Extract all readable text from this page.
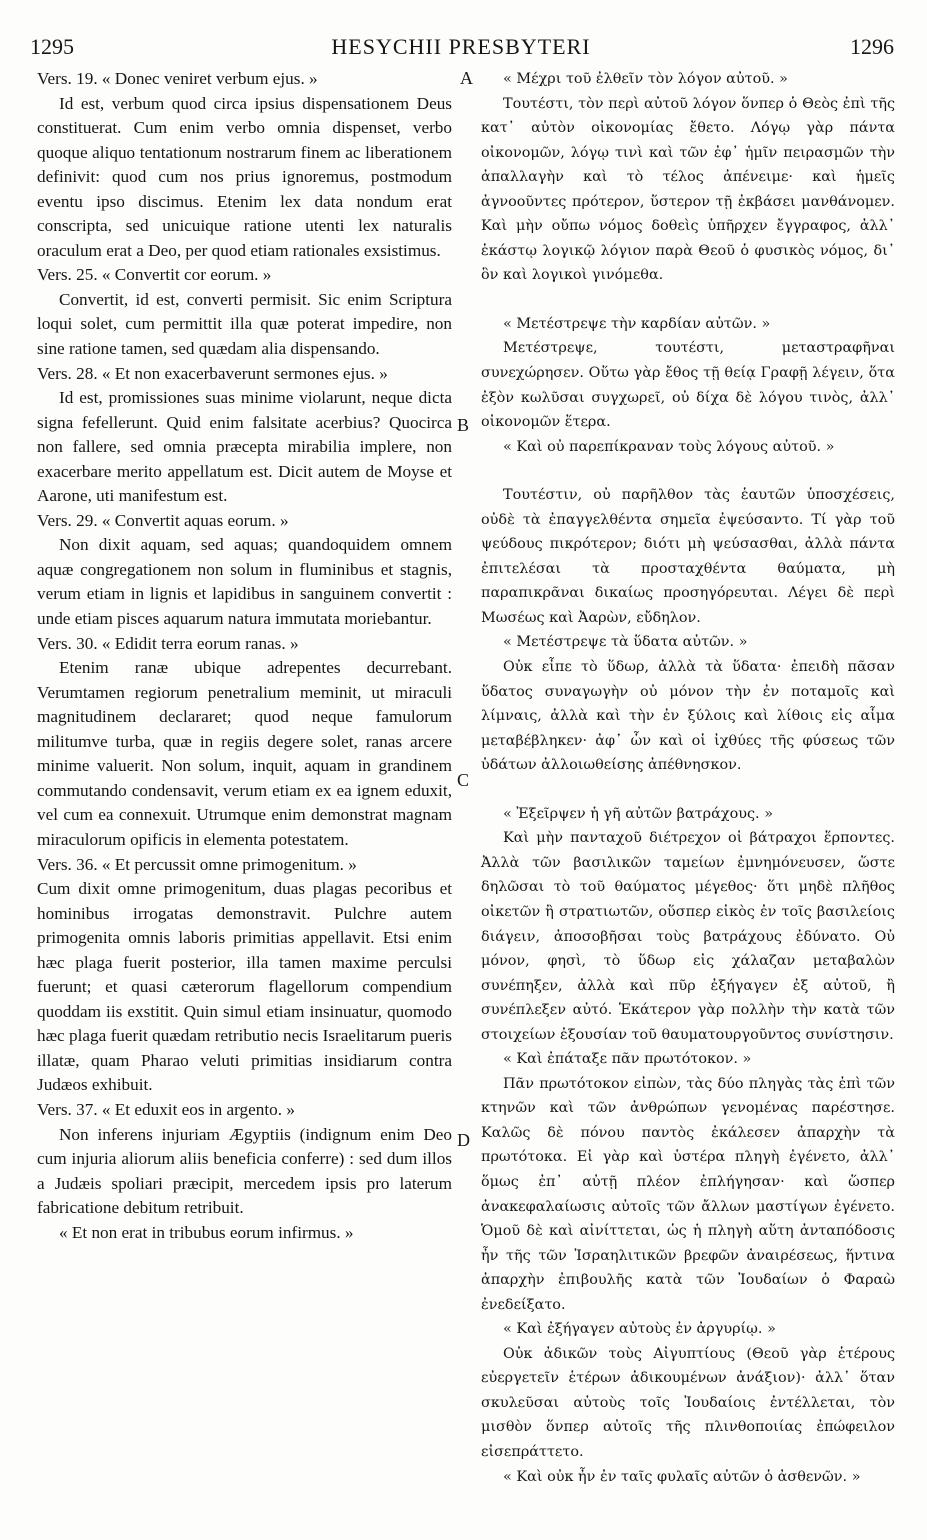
1295	HESYCHII PRESBYTERI	1296
A
B
C
D

Vers. 19. « Donec veniret verbum ejus. »

Id est, verbum quod circa ipsius dispensationem Deus constituerat. Cum enim verbo omnia dispenset, verbo quoque aliquo tentationum nostrarum finem ac liberationem definivit: quod cum nos prius ignoremus, postmodum eventu ipso discimus. Etenim lex data nondum erat conscripta, sed unicuique ratione utenti lex naturalis oraculum erat a Deo, per quod etiam rationales exsistimus.

Vers. 25. « Convertit cor eorum. »

Convertit, id est, converti permisit. Sic enim Scriptura loqui solet, cum permittit illa quæ poterat impedire, non sine ratione tamen, sed quædam alia dispensando.

Vers. 28. « Et non exacerbaverunt sermones ejus. »

Id est, promissiones suas minime violarunt, neque dicta signa fefellerunt. Quid enim falsitate acerbius? Quocirca non fallere, sed omnia præcepta mirabilia implere, non exacerbare merito appellatum est. Dicit autem de Moyse et Aarone, uti manifestum est.

Vers. 29. « Convertit aquas eorum. »

Non dixit aquam, sed aquas; quandoquidem omnem aquæ congregationem non solum in fluminibus et stagnis, verum etiam in lignis et lapidibus in sanguinem convertit : unde etiam pisces aquarum natura immutata moriebantur.

Vers. 30. « Edidit terra eorum ranas. »

Etenim ranæ ubique adrepentes decurrebant. Verumtamen regiorum penetralium meminit, ut miraculi magnitudinem declararet; quod neque famulorum militumve turba, quæ in regiis degere solet, ranas arcere minime valuerit. Non solum, inquit, aquam in grandinem commutando condensavit, verum etiam ex ea ignem eduxit, vel cum ea connexuit. Utrumque enim demonstrat magnam miraculorum opificis in elementa potestatem.

Vers. 36. « Et percussit omne primogenitum. »

Cum dixit omne primogenitum, duas plagas pecoribus et hominibus irrogatas demonstravit. Pulchre autem primogenita omnis laboris primitias appellavit. Etsi enim hæc plaga fuerit posterior, illa tamen maxime perculsi fuerunt; et quasi cæterorum flagellorum compendium quoddam iis exstitit. Quin simul etiam insinuatur, quomodo hæc plaga fuerit quædam retributio necis Israelitarum pueris illatæ, quam Pharao veluti primitias insidiarum contra Judæos exhibuit.

Vers. 37. « Et eduxit eos in argento. »

Non inferens injuriam Ægyptiis (indignum enim Deo cum injuria aliorum aliis beneficia conferre) : sed dum illos a Judæis spoliari præcipit, mercedem ipsis pro laterum fabricatione debitum retribuit.

« Et non erat in tribubus eorum infirmus. »

« Μέχρι τοῦ ἐλθεῖν τὸν λόγον αὐτοῦ. »

Τουτέστι, τὸν περὶ αὐτοῦ λόγον ὅνπερ ὁ Θεὸς ἐπὶ τῆς κατ᾽ αὐτὸν οἰκονομίας ἔθετο. Λόγῳ γὰρ πάντα οἰκονομῶν, λόγῳ τινὶ καὶ τῶν ἐφ᾽ ἡμῖν πειρασμῶν τὴν ἀπαλλαγὴν καὶ τὸ τέλος ἀπένειμε· καὶ ἡμεῖς ἀγνοοῦντες πρότερον, ὕστερον τῇ ἐκβάσει μανθάνομεν. Καὶ μὴν οὔπω νόμος δοθεὶς ὑπῆρχεν ἔγγραφος, ἀλλ᾽ ἑκάστῳ λογικῷ λόγιον παρὰ Θεοῦ ὁ φυσικὸς νόμος, δι᾽ ὃν καὶ λογικοὶ γινόμεθα.

« Μετέστρεψε τὴν καρδίαν αὐτῶν. »

Μετέστρεψε, τουτέστι, μεταστραφῆναι συνεχώρησεν. Οὕτω γὰρ ἔθος τῇ θείᾳ Γραφῇ λέγειν, ὅτα ἐξὸν κωλῦσαι συγχωρεῖ, οὐ δίχα δὲ λόγου τινὸς, ἀλλ᾽ οἰκονομῶν ἕτερα.

« Καὶ οὐ παρεπίκραναν τοὺς λόγους αὐτοῦ. »

Τουτέστιν, οὐ παρῆλθον τὰς ἑαυτῶν ὑποσχέσεις, οὐδὲ τὰ ἐπαγγελθέντα σημεῖα ἐψεύσαντο. Τί γὰρ τοῦ ψεύδους πικρότερον; διότι μὴ ψεύσασθαι, ἀλλὰ πάντα ἐπιτελέσαι τὰ προσταχθέντα θαύματα, μὴ παραπικρᾶναι δικαίως προσηγόρευται. Λέγει δὲ περὶ Μωσέως καὶ Ἀαρὼν, εὔδηλον.

« Μετέστρεψε τὰ ὕδατα αὐτῶν. »

Οὐκ εἶπε τὸ ὕδωρ, ἀλλὰ τὰ ὕδατα· ἐπειδὴ πᾶσαν ὕδατος συναγωγὴν οὐ μόνον τὴν ἐν ποταμοῖς καὶ λίμναις, ἀλλὰ καὶ τὴν ἐν ξύλοις καὶ λίθοις εἰς αἷμα μεταβέβληκεν· ἀφ᾽ ὧν καὶ οἱ ἰχθύες τῆς φύσεως τῶν ὑδάτων ἀλλοιωθείσης ἀπέθνησκον.

« Ἐξεῖρψεν ἡ γῆ αὐτῶν βατράχους. »

Καὶ μὴν πανταχοῦ διέτρεχον οἱ βάτραχοι ἕρποντες. Ἀλλὰ τῶν βασιλικῶν ταμείων ἐμνημόνευσεν, ὥστε δηλῶσαι τὸ τοῦ θαύματος μέγεθος· ὅτι μηδὲ πλῆθος οἰκετῶν ἢ στρατιωτῶν, οὕσπερ εἰκὸς ἐν τοῖς βασιλείοις διάγειν, ἀποσοβῆσαι τοὺς βατράχους ἐδύνατο. Οὐ μόνον, φησὶ, τὸ ὕδωρ εἰς χάλαζαν μεταβαλὼν συνέπηξεν, ἀλλὰ καὶ πῦρ ἐξήγαγεν ἐξ αὐτοῦ, ἢ συνέπλεξεν αὐτό. Ἑκάτερον γὰρ πολλὴν τὴν κατὰ τῶν στοιχείων ἐξουσίαν τοῦ θαυματουργοῦντος συνίστησιν.

« Καὶ ἐπάταξε πᾶν πρωτότοκον. »

Πᾶν πρωτότοκον εἰπὼν, τὰς δύο πληγὰς τὰς ἐπὶ τῶν κτηνῶν καὶ τῶν ἀνθρώπων γενομένας παρέστησε. Καλῶς δὲ πόνου παντὸς ἐκάλεσεν ἀπαρχὴν τὰ πρωτότοκα. Εἰ γὰρ καὶ ὑστέρα πληγὴ ἐγένετο, ἀλλ᾽ ὅμως ἐπ᾽ αὐτῇ πλέον ἐπλήγησαν· καὶ ὥσπερ ἀνακεφαλαίωσις αὐτοῖς τῶν ἄλλων μαστίγων ἐγένετο. Ὁμοῦ δὲ καὶ αἰνίττεται, ὡς ἡ πληγὴ αὕτη ἀνταπόδοσις ἦν τῆς τῶν Ἰσραηλιτικῶν βρεφῶν ἀναιρέσεως, ἥντινα ἀπαρχὴν ἐπιβουλῆς κατὰ τῶν Ἰουδαίων ὁ Φαραὼ ἐνεδείξατο.

« Καὶ ἐξήγαγεν αὐτοὺς ἐν ἀργυρίῳ. »

Οὐκ ἀδικῶν τοὺς Αἰγυπτίους (Θεοῦ γὰρ ἑτέρους εὐεργετεῖν ἑτέρων ἀδικουμένων ἀνάξιον)· ἀλλ᾽ ὅταν σκυλεῦσαι αὐτοὺς τοῖς Ἰουδαίοις ἐντέλλεται, τὸν μισθὸν ὅνπερ αὐτοῖς τῆς πλινθοποιίας ἐπώφειλον εἰσεπράττετο.

« Καὶ οὐκ ἦν ἐν ταῖς φυλαῖς αὐτῶν ὁ ἀσθενῶν. »
